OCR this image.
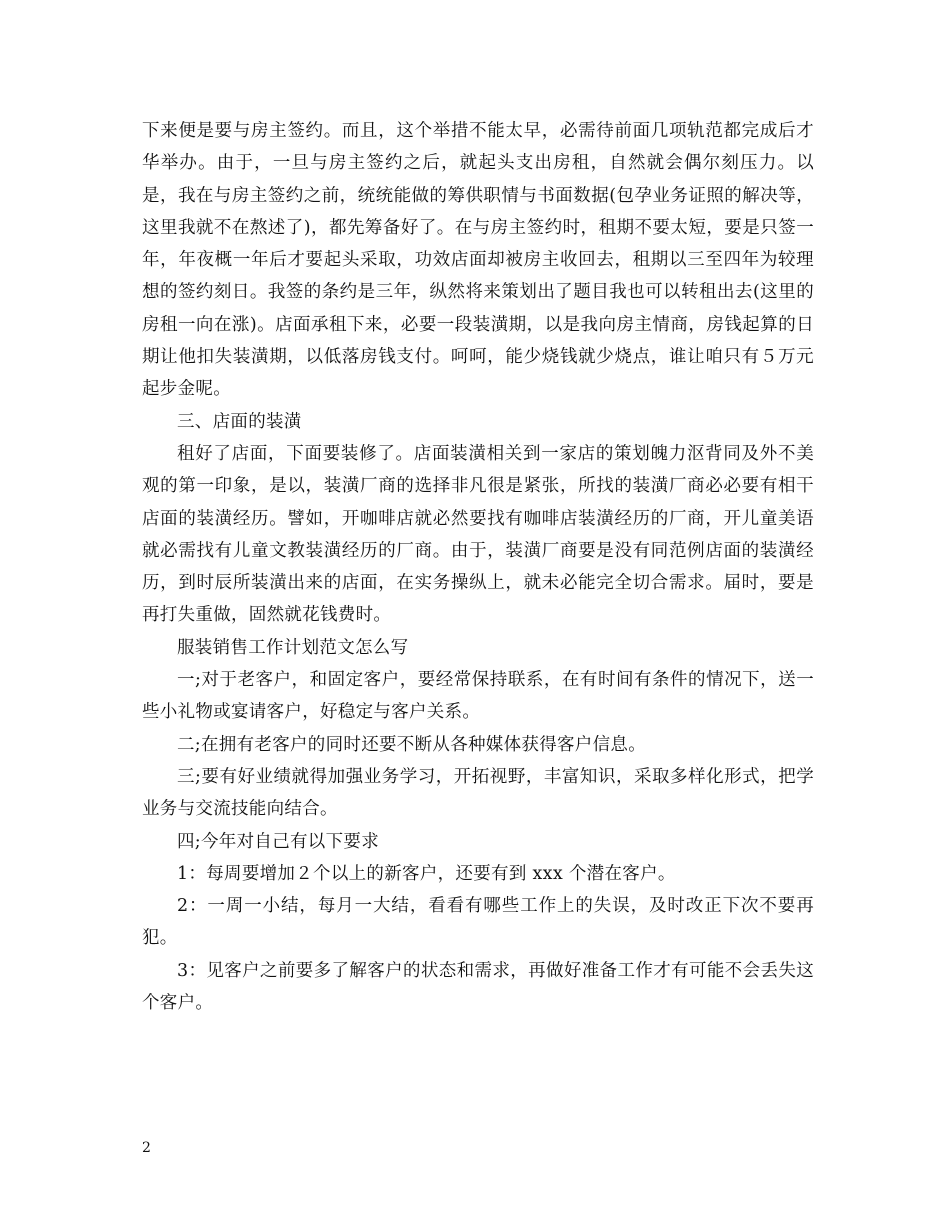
下来便是要与房主签约。而且，这个举措不能太早，必需待前面几项轨范都完成后才华举办。由于，一旦与房主签约之后，就起头支出房租，自然就会偶尔刻压力。以是，我在与房主签约之前，统统能做的筹供职情与书面数据(包孕业务证照的解决等，这里我就不在熬述了)，都先筹备好了。在与房主签约时，租期不要太短，要是只签一年，年夜概一年后才要起头采取，功效店面却被房主收回去，租期以三至四年为较理想的签约刻日。我签的条约是三年，纵然将来策划出了题目我也可以转租出去(这里的房租一向在涨)。店面承租下来，必要一段装潢期，以是我向房主情商，房钱起算的日期让他扣失装潢期，以低落房钱支付。呵呵，能少烧钱就少烧点，谁让咱只有５万元起步金呢。

三、店面的装潢

租好了店面，下面要装修了。店面装潢相关到一家店的策划魄力沤背同及外不美观的第一印象，是以，装潢厂商的选择非凡很是紧张，所找的装潢厂商必必要有相干店面的装潢经历。譬如，开咖啡店就必然要找有咖啡店装潢经历的厂商，开儿童美语就必需找有儿童文教装潢经历的厂商。由于，装潢厂商要是没有同范例店面的装潢经历，到时辰所装潢出来的店面，在实务操纵上，就未必能完全切合需求。届时，要是再打失重做，固然就花钱费时。

服装销售工作计划范文怎么写

一;对于老客户，和固定客户，要经常保持联系，在有时间有条件的情况下，送一些小礼物或宴请客户，好稳定与客户关系。

二;在拥有老客户的同时还要不断从各种媒体获得客户信息。

三;要有好业绩就得加强业务学习，开拓视野，丰富知识，采取多样化形式，把学业务与交流技能向结合。

四;今年对自己有以下要求

1：每周要增加２个以上的新客户，还要有到 xxx 个潜在客户。

2：一周一小结，每月一大结，看看有哪些工作上的失误，及时改正下次不要再犯。

3：见客户之前要多了解客户的状态和需求，再做好准备工作才有可能不会丢失这个客户。

2
